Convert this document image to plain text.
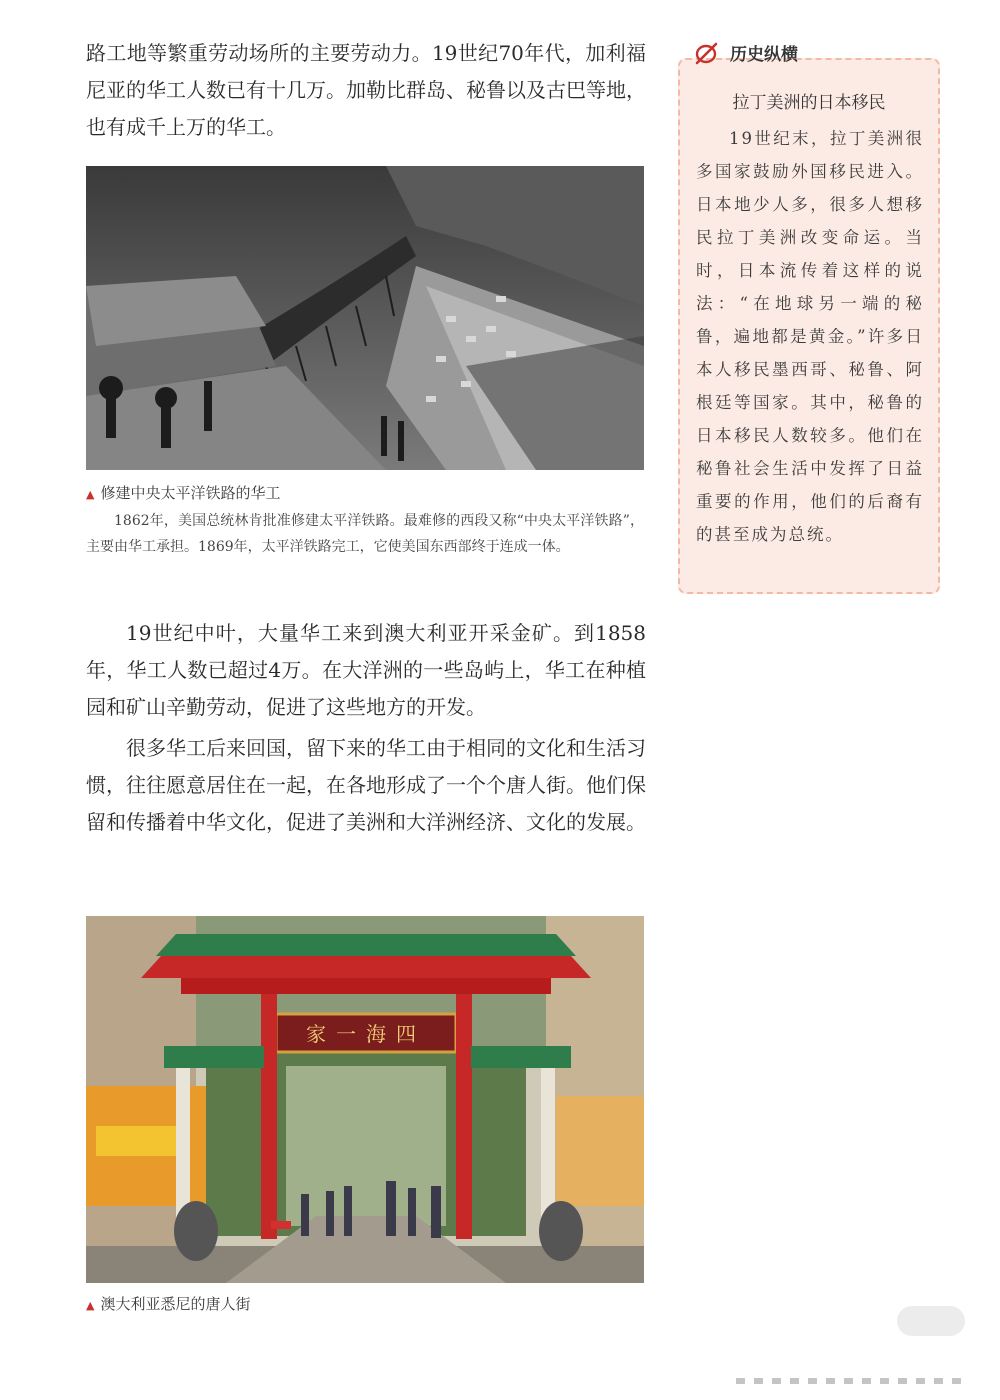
路工地等繁重劳动场所的主要劳动力。19世纪70年代，加利福尼亚的华工人数已有十几万。加勒比群岛、秘鲁以及古巴等地，也有成千上万的华工。

▲ 修建中央太平洋铁路的华工

1862年，美国总统林肯批准修建太平洋铁路。最难修的西段又称“中央太平洋铁路”，主要由华工承担。1869年，太平洋铁路完工，它使美国东西部终于连成一体。

19世纪中叶，大量华工来到澳大利亚开采金矿。到1858年，华工人数已超过4万。在大洋洲的一些岛屿上，华工在种植园和矿山辛勤劳动，促进了这些地方的开发。

很多华工后来回国，留下来的华工由于相同的文化和生活习惯，往往愿意居住在一起，在各地形成了一个个唐人街。他们保留和传播着中华文化，促进了美洲和大洋洲经济、文化的发展。

家一海四
▲ 澳大利亚悉尼的唐人街
历史纵横
拉丁美洲的日本移民

19世纪末，拉丁美洲很多国家鼓励外国移民进入。日本地少人多，很多人想移民拉丁美洲改变命运。当时，日本流传着这样的说法：“在地球另一端的秘鲁，遍地都是黄金。”许多日本人移民墨西哥、秘鲁、阿根廷等国家。其中，秘鲁的日本移民人数较多。他们在秘鲁社会生活中发挥了日益重要的作用，他们的后裔有的甚至成为总统。
